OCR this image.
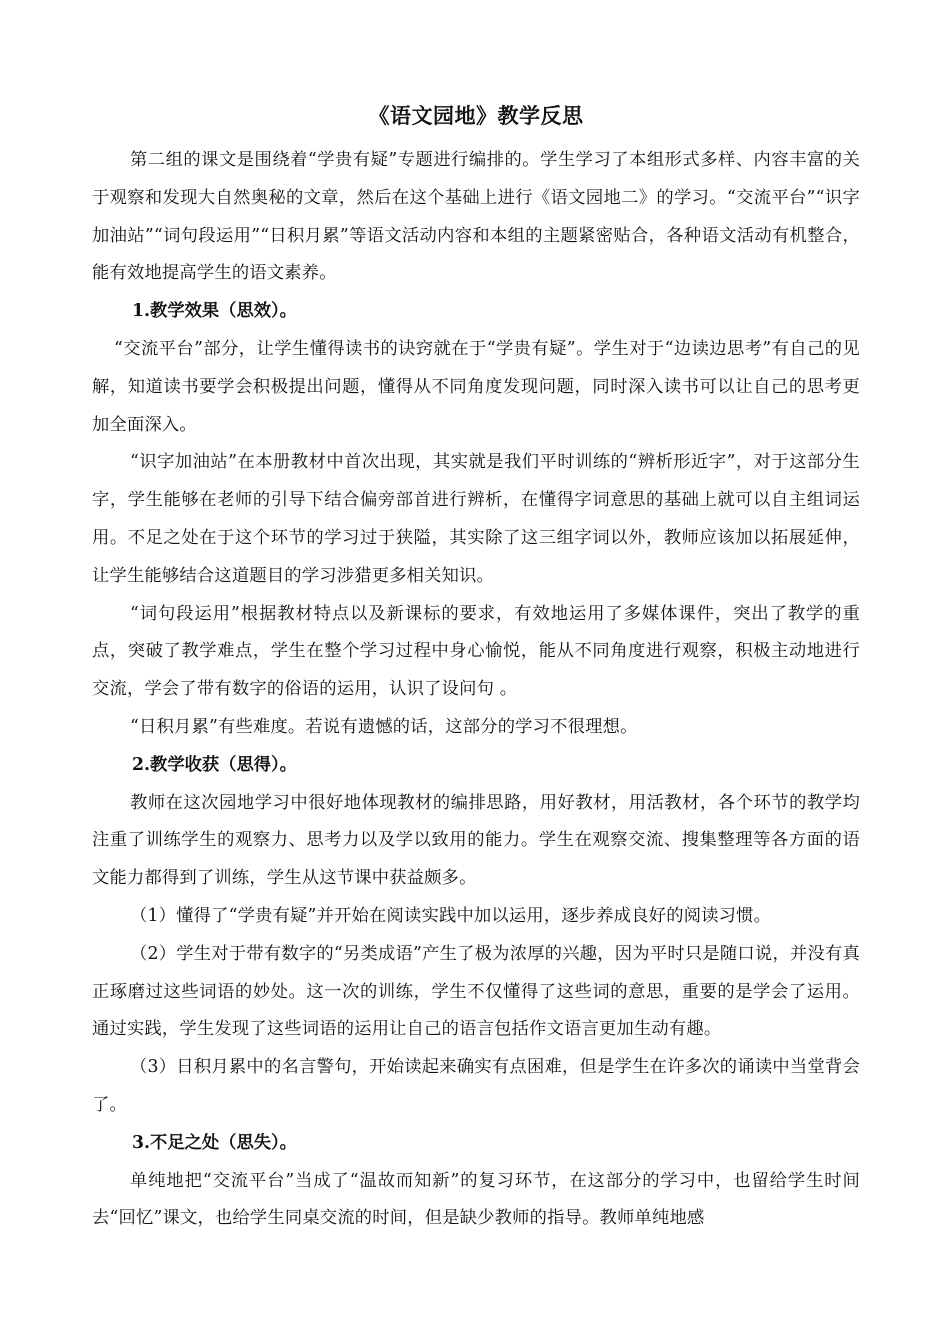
《语文园地》教学反思

第二组的课文是围绕着“学贵有疑”专题进行编排的。学生学习了本组形式多样、内容丰富的关于观察和发现大自然奥秘的文章，然后在这个基础上进行《语文园地二》的学习。“交流平台”“识字加油站”“词句段运用”“日积月累”等语文活动内容和本组的主题紧密贴合，各种语文活动有机整合，能有效地提高学生的语文素养。

1.教学效果（思效）。

“交流平台”部分，让学生懂得读书的诀窍就在于“学贵有疑”。学生对于“边读边思考”有自己的见解，知道读书要学会积极提出问题，懂得从不同角度发现问题，同时深入读书可以让自己的思考更加全面深入。

“识字加油站”在本册教材中首次出现，其实就是我们平时训练的“辨析形近字”，对于这部分生字，学生能够在老师的引导下结合偏旁部首进行辨析，在懂得字词意思的基础上就可以自主组词运用。不足之处在于这个环节的学习过于狭隘，其实除了这三组字词以外，教师应该加以拓展延伸，让学生能够结合这道题目的学习涉猎更多相关知识。

“词句段运用”根据教材特点以及新课标的要求，有效地运用了多媒体课件，突出了教学的重点，突破了教学难点，学生在整个学习过程中身心愉悦，能从不同角度进行观察，积极主动地进行交流，学会了带有数字的俗语的运用，认识了设问句 。

“日积月累”有些难度。若说有遗憾的话，这部分的学习不很理想。

2.教学收获（思得）。

教师在这次园地学习中很好地体现教材的编排思路，用好教材，用活教材，各个环节的教学均注重了训练学生的观察力、思考力以及学以致用的能力。学生在观察交流、搜集整理等各方面的语文能力都得到了训练，学生从这节课中获益颇多。

（1）懂得了“学贵有疑”并开始在阅读实践中加以运用，逐步养成良好的阅读习惯。

（2）学生对于带有数字的“另类成语”产生了极为浓厚的兴趣，因为平时只是随口说，并没有真正琢磨过这些词语的妙处。这一次的训练，学生不仅懂得了这些词的意思，重要的是学会了运用。通过实践，学生发现了这些词语的运用让自己的语言包括作文语言更加生动有趣。

（3）日积月累中的名言警句，开始读起来确实有点困难，但是学生在许多次的诵读中当堂背会了。

3.不足之处（思失）。

单纯地把“交流平台”当成了“温故而知新”的复习环节，在这部分的学习中，也留给学生时间去“回忆”课文，也给学生同桌交流的时间，但是缺少教师的指导。教师单纯地感
